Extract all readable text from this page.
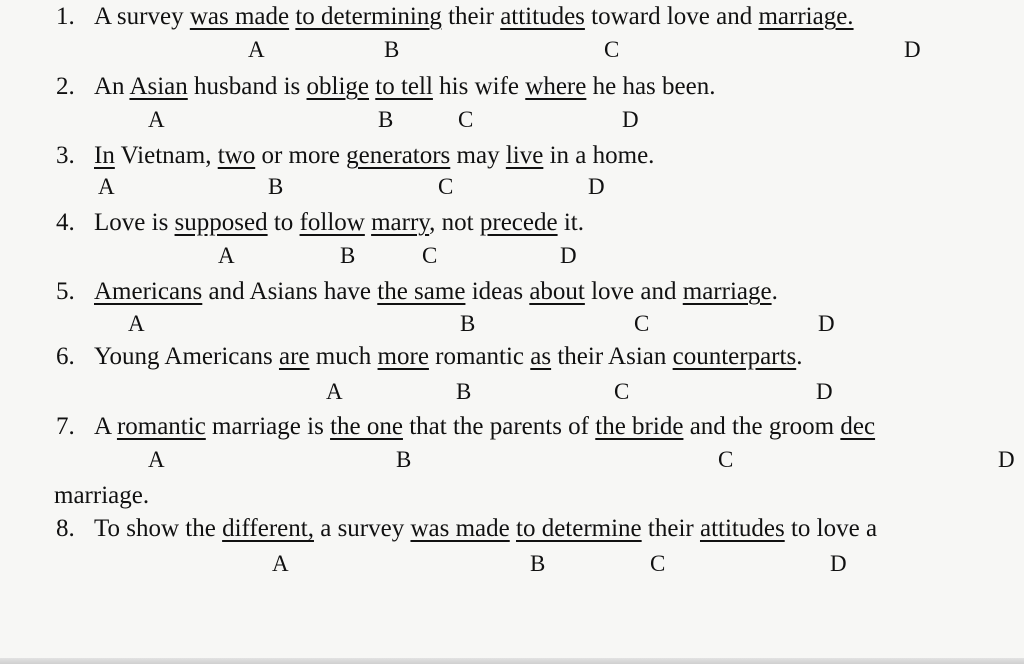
1. A survey was made to determining their attitudes toward love and marriage.
A	B	C	D
2. An Asian husband is oblige to tell his wife where he has been.
A	B	C	D
3. In Vietnam, two or more generators may live in a home.
A	B	C	D
4. Love is supposed to follow marry, not precede it.
A	B	C	D
5. Americans and Asians have the same ideas about love and marriage.
A	B	C	D
6. Young Americans are much more romantic as their Asian counterparts.
A	B	C	D
7. A romantic marriage is the one that the parents of the bride and the groom dec
A	B	C	D
marriage.
8. To show the different, a survey was made to determine their attitudes to love a
A	B	C	D
